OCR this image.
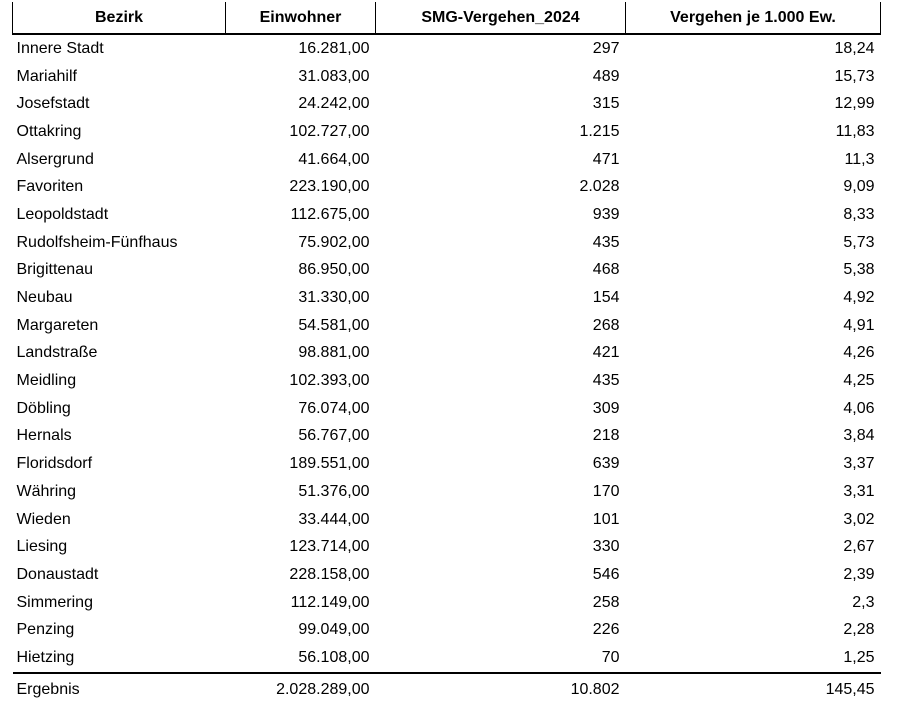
Bezirk	Einwohner	SMG-Vergehen_2024	Vergehen je 1.000 Ew.
Innere Stadt	16.281,00	297	18,24
Mariahilf	31.083,00	489	15,73
Josefstadt	24.242,00	315	12,99
Ottakring	102.727,00	1.215	11,83
Alsergrund	41.664,00	471	11,3
Favoriten	223.190,00	2.028	9,09
Leopoldstadt	112.675,00	939	8,33
Rudolfsheim-Fünfhaus	75.902,00	435	5,73
Brigittenau	86.950,00	468	5,38
Neubau	31.330,00	154	4,92
Margareten	54.581,00	268	4,91
Landstraße	98.881,00	421	4,26
Meidling	102.393,00	435	4,25
Döbling	76.074,00	309	4,06
Hernals	56.767,00	218	3,84
Floridsdorf	189.551,00	639	3,37
Währing	51.376,00	170	3,31
Wieden	33.444,00	101	3,02
Liesing	123.714,00	330	2,67
Donaustadt	228.158,00	546	2,39
Simmering	112.149,00	258	2,3
Penzing	99.049,00	226	2,28
Hietzing	56.108,00	70	1,25
Ergebnis	2.028.289,00	10.802	145,45
